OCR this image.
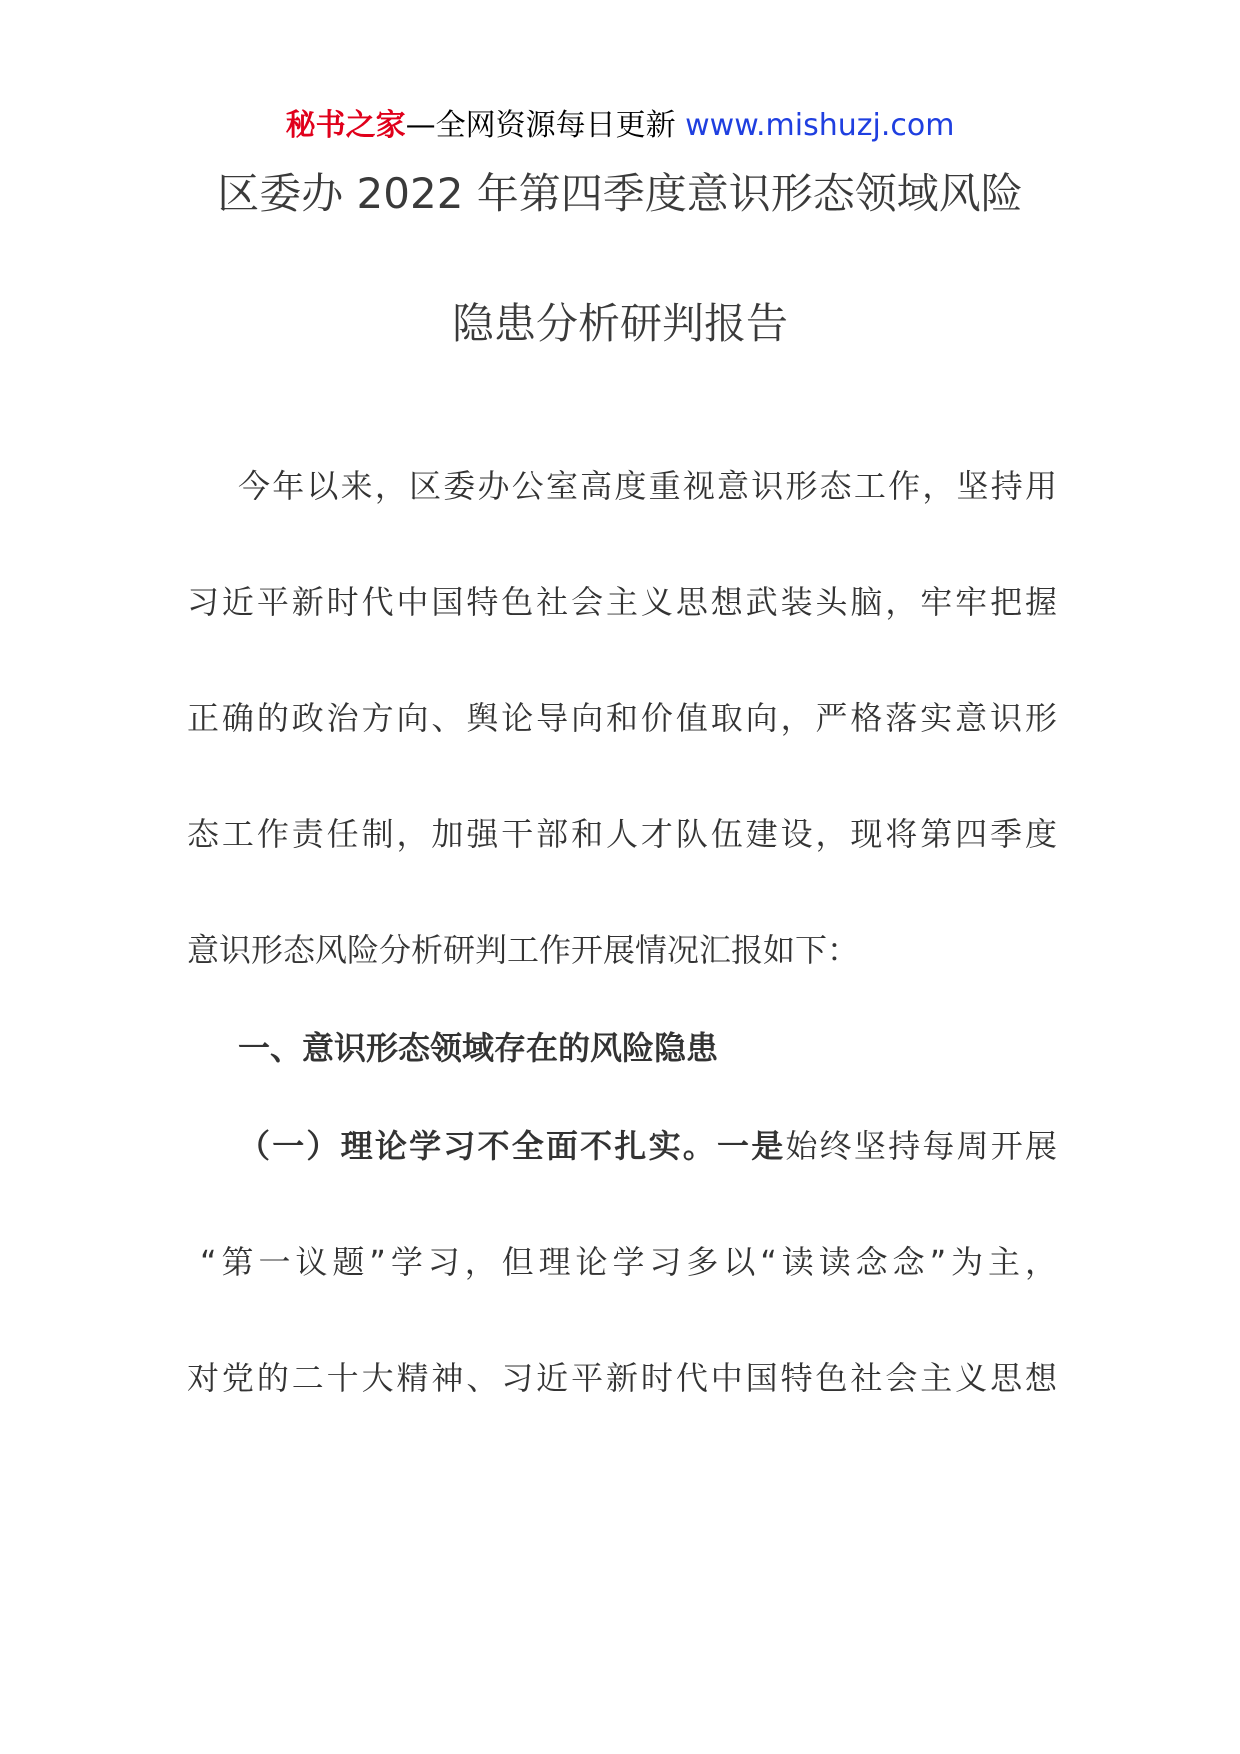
秘书之家—全网资源每日更新 www.mishuzj.com
区委办 2022 年第四季度意识形态领域风险
隐患分析研判报告
今年以来，区委办公室高度重视意识形态工作，坚持用
习近平新时代中国特色社会主义思想武装头脑，牢牢把握
正确的政治方向、舆论导向和价值取向，严格落实意识形
态工作责任制，加强干部和人才队伍建设，现将第四季度
意识形态风险分析研判工作开展情况汇报如下：
一、意识形态领域存在的风险隐患
（一）理论学习不全面不扎实。一是始终坚持每周开展
“第一议题”学习，但理论学习多以“读读念念”为主，
对党的二十大精神、习近平新时代中国特色社会主义思想
